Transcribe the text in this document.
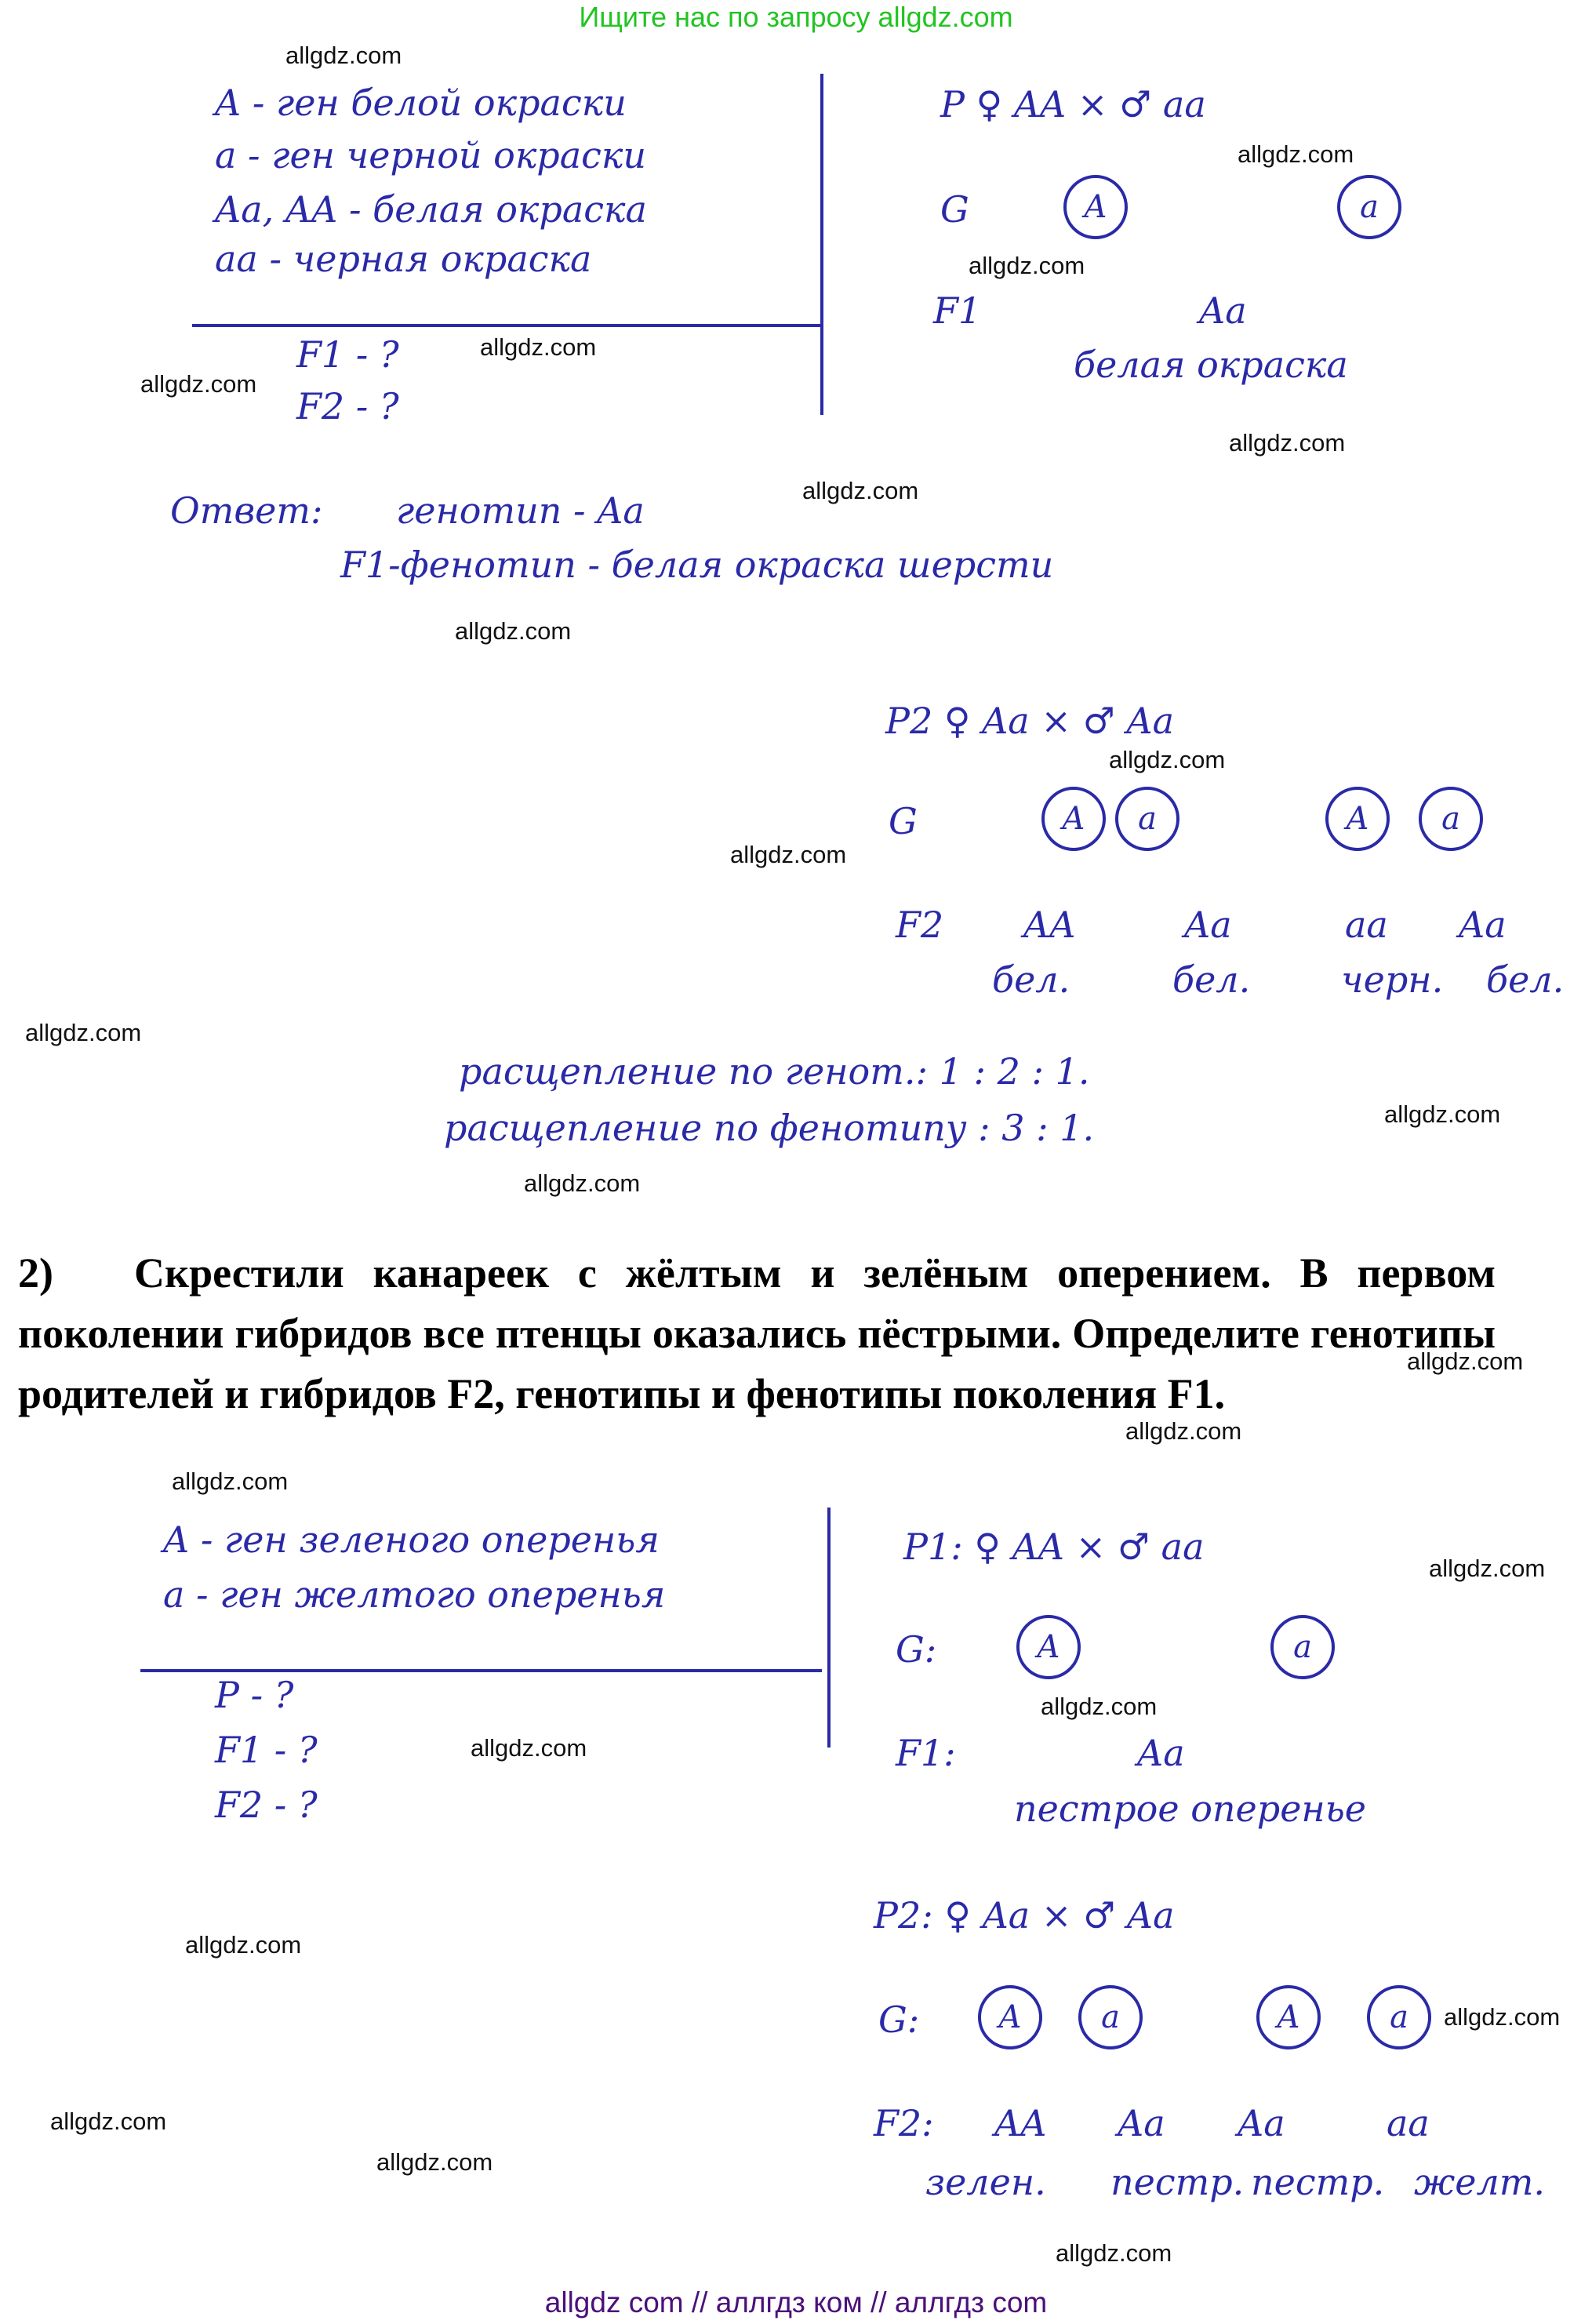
Ищите нас по запросу allgdz.com
A - ген белой окраски
a - ген черной окраски
Aa, AA - белая окраска
aa - черная окраска
F1 - ?
F2 - ?
P ♀ AA × ♂ aa
G	A	a
F1	Aa
белая окраска
Ответ: генотип - Aa
F1-фенотип - белая окраска шерсти
P2 ♀ Aa × ♂ Aa
G	A	a	A	a
F2 AA	Aa	aa Aa
бел.	бел.	черн. бел.
расщепление по генот.: 1 : 2 : 1.
расщепление по фенотипу : 3 : 1.
2) Скрестили канареек с жёлтым и зелёным оперением. В первом поколении гибридов все птенцы оказались пёстрыми. Определите генотипы родителей и гибридов F2, генотипы и фенотипы поколения F1.
A - ген зеленого оперенья
a - ген желтого оперенья
P - ?
F1 - ?
F2 - ?
P1: ♀ AA × ♂ aa
G:	A	a
F1:	Aa
пестрое оперенье
P2: ♀ Aa × ♂ Aa
G:	A	a	A	a
F2: AA Aa Aa	aa
зелен. пестр. пестр. желт.
allgdz.com
allgdz.com
allgdz.com
allgdz.com
allgdz.com
allgdz.com
allgdz.com
allgdz.com
allgdz.com
allgdz.com
allgdz.com
allgdz.com
allgdz.com
allgdz.com
allgdz.com
allgdz.com
allgdz.com
allgdz.com
allgdz.com
allgdz.com
allgdz.com
allgdz.com
allgdz.com
allgdz.com
allgdz com // аллгдз ком // аллгдз com
